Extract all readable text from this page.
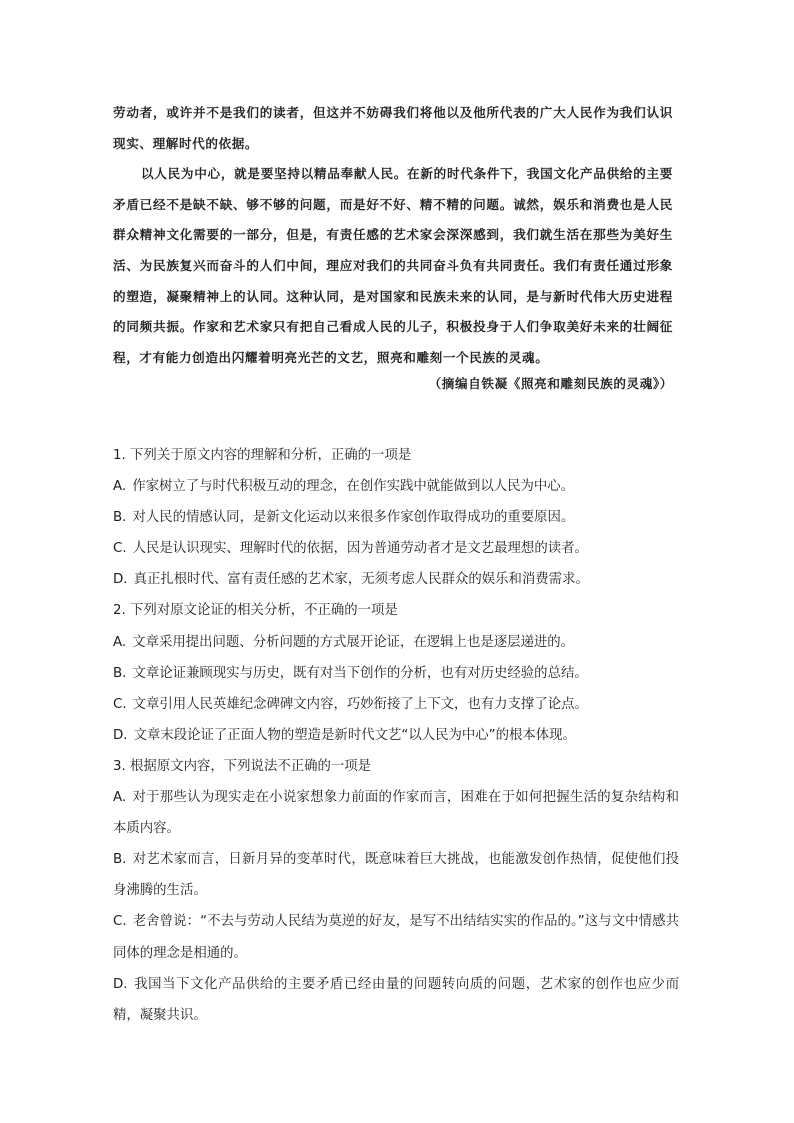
劳动者，或许并不是我们的读者，但这并不妨碍我们将他以及他所代表的广大人民作为我们认识现实、理解时代的依据。

以人民为中心，就是要坚持以精品奉献人民。在新的时代条件下，我国文化产品供给的主要矛盾已经不是缺不缺、够不够的问题，而是好不好、精不精的问题。诚然，娱乐和消费也是人民群众精神文化需要的一部分，但是，有责任感的艺术家会深深感到，我们就生活在那些为美好生活、为民族复兴而奋斗的人们中间，理应对我们的共同奋斗负有共同责任。我们有责任通过形象的塑造，凝聚精神上的认同。这种认同，是对国家和民族未来的认同，是与新时代伟大历史进程的同频共振。作家和艺术家只有把自己看成人民的儿子，积极投身于人们争取美好未来的壮阔征程，才有能力创造出闪耀着明亮光芒的文艺，照亮和雕刻一个民族的灵魂。

（摘编自铁凝《照亮和雕刻民族的灵魂》）

1. 下列关于原文内容的理解和分析，正确的一项是

A. 作家树立了与时代积极互动的理念，在创作实践中就能做到以人民为中心。

B. 对人民的情感认同，是新文化运动以来很多作家创作取得成功的重要原因。

C. 人民是认识现实、理解时代的依据，因为普通劳动者才是文艺最理想的读者。

D. 真正扎根时代、富有责任感的艺术家，无须考虑人民群众的娱乐和消费需求。

2. 下列对原文论证的相关分析，不正确的一项是

A. 文章采用提出问题、分析问题的方式展开论证，在逻辑上也是逐层递进的。

B. 文章论证兼顾现实与历史，既有对当下创作的分析，也有对历史经验的总结。

C. 文章引用人民英雄纪念碑碑文内容，巧妙衔接了上下文，也有力支撑了论点。

D. 文章末段论证了正面人物的塑造是新时代文艺“以人民为中心”的根本体现。

3. 根据原文内容，下列说法不正确的一项是

A. 对于那些认为现实走在小说家想象力前面的作家而言，困难在于如何把握生活的复杂结构和本质内容。

B. 对艺术家而言，日新月异的变革时代，既意味着巨大挑战，也能激发创作热情，促使他们投身沸腾的生活。

C. 老舍曾说：“不去与劳动人民结为莫逆的好友，是写不出结结实实的作品的。”这与文中情感共同体的理念是相通的。

D. 我国当下文化产品供给的主要矛盾已经由量的问题转向质的问题，艺术家的创作也应少而精，凝聚共识。
